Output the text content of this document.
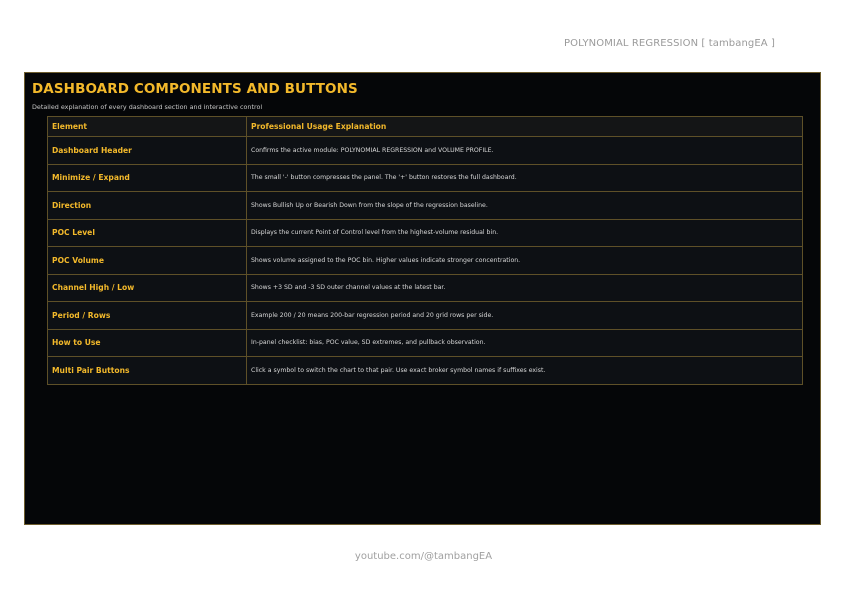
POLYNOMIAL REGRESSION [ tambangEA ]
DASHBOARD COMPONENTS AND BUTTONS
Detailed explanation of every dashboard section and interactive control
Element	Professional Usage Explanation
Dashboard Header	Confirms the active module: POLYNOMIAL REGRESSION and VOLUME PROFILE.
Minimize / Expand	The small '-' button compresses the panel. The '+' button restores the full dashboard.
Direction	Shows Bullish Up or Bearish Down from the slope of the regression baseline.
POC Level	Displays the current Point of Control level from the highest-volume residual bin.
POC Volume	Shows volume assigned to the POC bin. Higher values indicate stronger concentration.
Channel High / Low	Shows +3 SD and -3 SD outer channel values at the latest bar.
Period / Rows	Example 200 / 20 means 200-bar regression period and 20 grid rows per side.
How to Use	In-panel checklist: bias, POC value, SD extremes, and pullback observation.
Multi Pair Buttons	Click a symbol to switch the chart to that pair. Use exact broker symbol names if suffixes exist.
youtube.com/@tambangEA
